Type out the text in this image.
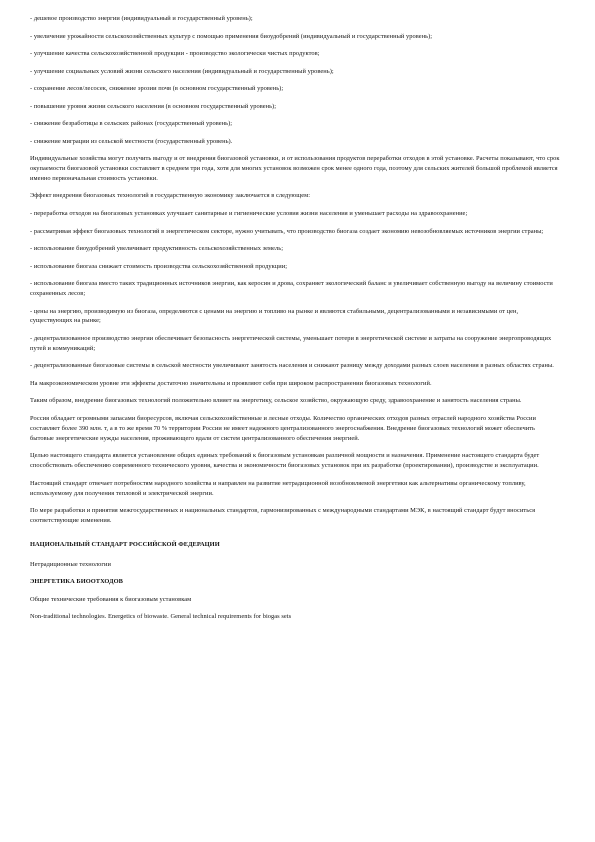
- дешевое производство энергии (индивидуальный и государственный уровень);

- увеличение урожайности сельскохозяйственных культур с помощью применения биоудобрений (индивидуальный и государственный уровень);

- улучшение качества сельскохозяйственной продукции - производство экологически чистых продуктов;

- улучшение социальных условий жизни сельского населения (индивидуальный и государственный уровень);

- сохранение лесов/лесосек, снижение эрозии почв (в основном государственный уровень);

- повышение уровня жизни сельского населения (в основном государственный уровень);

- снижение безработицы в сельских районах (государственный уровень);

- снижение миграции из сельской местности (государственный уровень).

Индивидуальные хозяйства могут получить выгоду и от внедрения биогазовой установки, и от использования продуктов переработки отходов в этой установке. Расчеты показывают, что срок окупаемости биогазовой установки составляет в среднем три года, хотя для многих установок возможен срок менее одного года, поэтому для сельских жителей большой проблемой является именно первоначальная стоимость установки.

Эффект внедрения биогазовых технологий в государственную экономику заключается в следующем:

- переработка отходов на биогазовых установках улучшает санитарные и гигиенические условия жизни населения и уменьшает расходы на здравоохранение;

- рассматривая эффект биогазовых технологий в энергетическом секторе, нужно учитывать, что производство биогаза создает экономию невозобновляемых источников энергии страны;

- использование биоудобрений увеличивает продуктивность сельскохозяйственных земель;

- использование биогаза снижает стоимость производства сельскохозяйственной продукции;

- использование биогаза вместо таких традиционных источников энергии, как керосин и дрова, сохраняет экологический баланс и увеличивает собственную выгоду на величину стоимости сохраненных лесов;

- цены на энергию, производимую из биогаза, определяются с ценами на энергию и топливо на рынке и являются стабильными, децентрализованными и независимыми от цен, существующих на рынке;

- децентрализованное производство энергии обеспечивает безопасность энергетической системы, уменьшает потери в энергетической системе и затраты на сооружение энергопроводящих путей и коммуникаций;

- децентрализованные биогазовые системы в сельской местности увеличивают занятость населения и снижают разницу между доходами разных слоев населения в разных областях страны.

На макроэкономическом уровне эти эффекты достаточно значительны и проявляют себя при широком распространении биогазовых технологий.

Таким образом, внедрение биогазовых технологий положительно влияет на энергетику, сельское хозяйство, окружающую среду, здравоохранение и занятость населения страны.

Россия обладает огромными запасами биоресурсов, включая сельскохозяйственные и лесные отходы. Количество органических отходов разных отраслей народного хозяйства России составляет более 390 млн. т, а в то же время 70 % территории России не имеет надежного централизованного энергоснабжения. Внедрение биогазовых технологий может обеспечить бытовые энергетические нужды населения, проживающего вдали от систем централизованного обеспечения энергией.

Целью настоящего стандарта является установление общих единых требований к биогазовым установкам различной мощности и назначения. Применение настоящего стандарта будет способствовать обеспечению современного технического уровня, качества и экономичности биогазовых установок при их разработке (проектировании), производстве и эксплуатации.

Настоящий стандарт отвечает потребностям народного хозяйства и направлен на развитие нетрадиционной возобновляемой энергетики как альтернативы органическому топливу, используемому для получения тепловой и электрической энергии.

По мере разработки и принятия межгосударственных и национальных стандартов, гармонизированных с международными стандартами МЭК, в настоящий стандарт будут вноситься соответствующие изменения.

НАЦИОНАЛЬНЫЙ СТАНДАРТ РОССИЙСКОЙ ФЕДЕРАЦИИ

Нетрадиционные технологии

ЭНЕРГЕТИКА БИООТХОДОВ

Общие технические требования к биогазовым установкам

Non-traditional technologies. Energetics of biowaste. General technical requirements for biogas sets
